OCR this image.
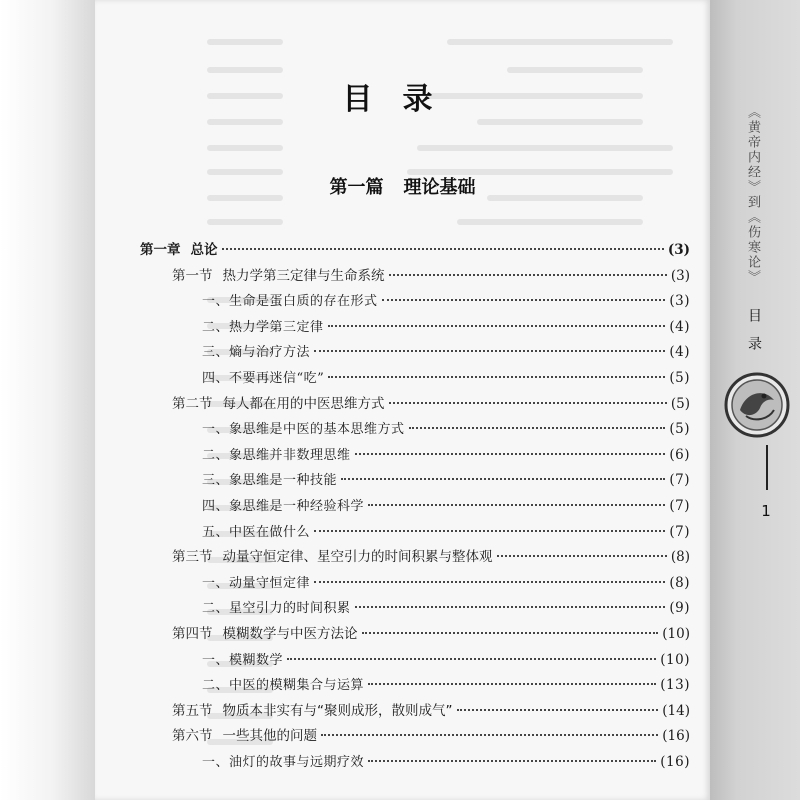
目录
第一篇 理论基础
第一章 总论	(3)
第一节 热力学第三定律与生命系统	(3)
一、生命是蛋白质的存在形式	(3)
二、热力学第三定律	(4)
三、熵与治疗方法	(4)
四、不要再迷信“吃”	(5)
第二节 每人都在用的中医思维方式	(5)
一、象思维是中医的基本思维方式	(5)
二、象思维并非数理思维	(6)
三、象思维是一种技能	(7)
四、象思维是一种经验科学	(7)
五、中医在做什么	(7)
第三节 动量守恒定律、星空引力的时间积累与整体观	(8)
一、动量守恒定律	(8)
二、星空引力的时间积累	(9)
第四节 模糊数学与中医方法论	(10)
一、模糊数学	(10)
二、中医的模糊集合与运算	(13)
第五节 物质本非实有与“聚则成形，散则成气”	(14)
第六节 一些其他的问题	(16)
一、油灯的故事与远期疗效	(16)
《黄帝内经》到《伤寒论》
目录
1
